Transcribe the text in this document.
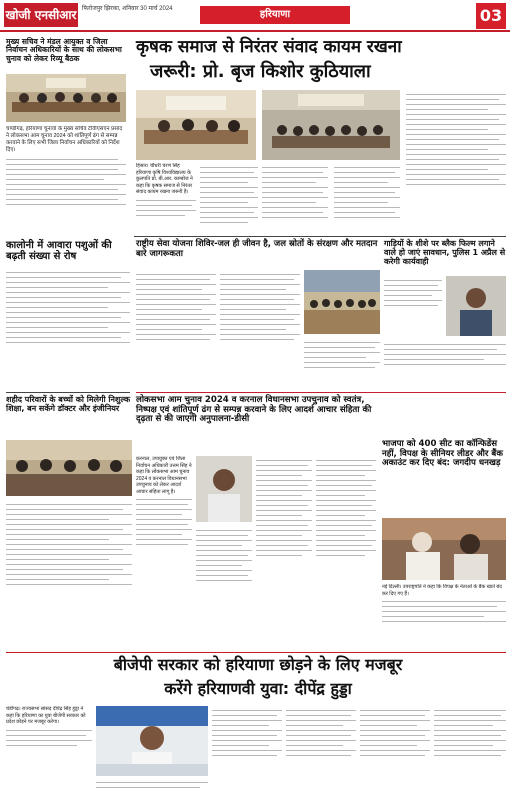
खोजी एनसीआर फिरोजपुर झिरका, शनिवार 30 मार्च 2024	हरियाणा	03
मुख्य सचिव ने मंडल आयुक्त व जिला निर्वाचन अधिकारियों के साथ की लोकसभा चुनाव को लेकर रिव्यू बैठक
चण्डीगढ़, हरियाणा चुनावों के मुख्य सचिव टीवीएसएन प्रसाद ने लोकसभा आम चुनाव 2024 को शांतिपूर्ण ढंग से सम्पन्न करवाने के लिए सभी जिला निर्वाचन अधिकारियों को निर्देश दिए।
कृषक समाज से निरंतर संवाद कायम रखना
जरूरी: प्रो. बृज किशोर कुठियाला
हिसार। चौधरी चरण सिंह हरियाणा कृषि विश्वविद्यालय के कुलपति प्रो. बी.आर. काम्बोज ने कहा कि कृषक समाज से निरंतर संवाद कायम रखना जरूरी है।
कालोनी में आवारा पशुओं की बढ़ती संख्या से रोष
राष्ट्रीय सेवा योजना शिविर-जल ही जीवन है, जल स्रोतों के संरक्षण और मतदान बारे जागरूकता
गाड़ियों के शीशे पर ब्लैक फिल्म लगाने वाले हो जाएं सावधान, पुलिस 1 अप्रैल से करेगी कार्यवाही
शहीद परिवारों के बच्चों को मिलेगी निशुल्क शिक्षा, बन सकेंगे डॉक्टर और इंजीनियर
लोकसभा आम चुनाव 2024 व करनाल विधानसभा उपचुनाव को स्वतंत्र, निष्पक्ष एवं शांतिपूर्ण ढंग से सम्पन्न करवाने के लिए आदर्श आचार संहिता की दृढ़ता से की जाएगी अनुपालना-डीसी
करनाल, उपायुक्त एवं जिला निर्वाचन अधिकारी उत्तम सिंह ने कहा कि लोकसभा आम चुनाव 2024 व करनाल विधानसभा उपचुनाव को लेकर आदर्श आचार संहिता लागू है।
भाजपा को 400 सीट का कॉन्फिडेंस नहीं, विपक्ष के सीनियर लीडर और बैंक अकाउंट कर दिए बंद: जगदीप धनखड़
नई दिल्ली। उपराष्ट्रपति ने कहा कि विपक्ष के नेताओं के बैंक खाते बंद कर दिए गए हैं।
बीजेपी सरकार को हरियाणा छोड़ने के लिए मजबूर
करेंगे हरियाणवी युवा: दीपेंद्र हुड्डा
चंडीगढ़। राज्यसभा सांसद दीपेंद्र सिंह हुड्डा ने कहा कि हरियाणा का युवा बीजेपी सरकार को प्रदेश छोड़ने पर मजबूर करेगा।
